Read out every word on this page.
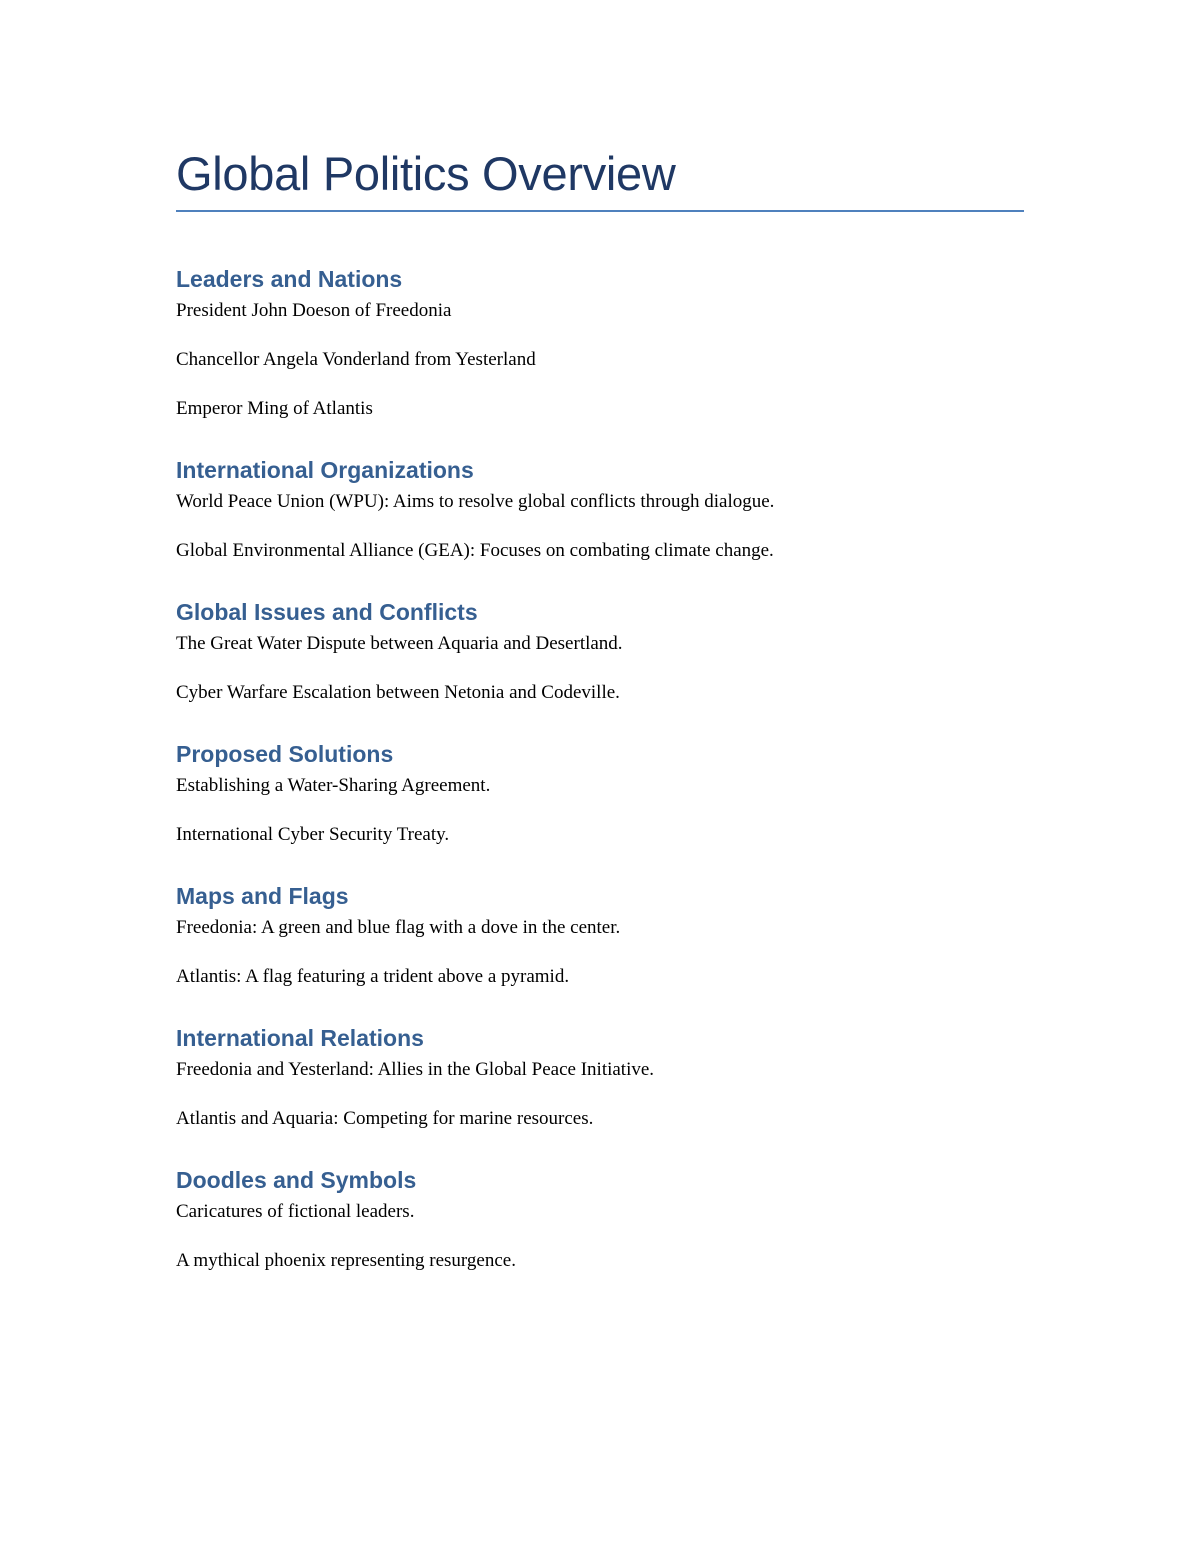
Global Politics Overview
Leaders and Nations

President John Doeson of Freedonia

Chancellor Angela Vonderland from Yesterland

Emperor Ming of Atlantis

International Organizations

World Peace Union (WPU): Aims to resolve global conflicts through dialogue.

Global Environmental Alliance (GEA): Focuses on combating climate change.

Global Issues and Conflicts

The Great Water Dispute between Aquaria and Desertland.

Cyber Warfare Escalation between Netonia and Codeville.

Proposed Solutions

Establishing a Water-Sharing Agreement.

International Cyber Security Treaty.

Maps and Flags

Freedonia: A green and blue flag with a dove in the center.

Atlantis: A flag featuring a trident above a pyramid.

International Relations

Freedonia and Yesterland: Allies in the Global Peace Initiative.

Atlantis and Aquaria: Competing for marine resources.

Doodles and Symbols

Caricatures of fictional leaders.

A mythical phoenix representing resurgence.
